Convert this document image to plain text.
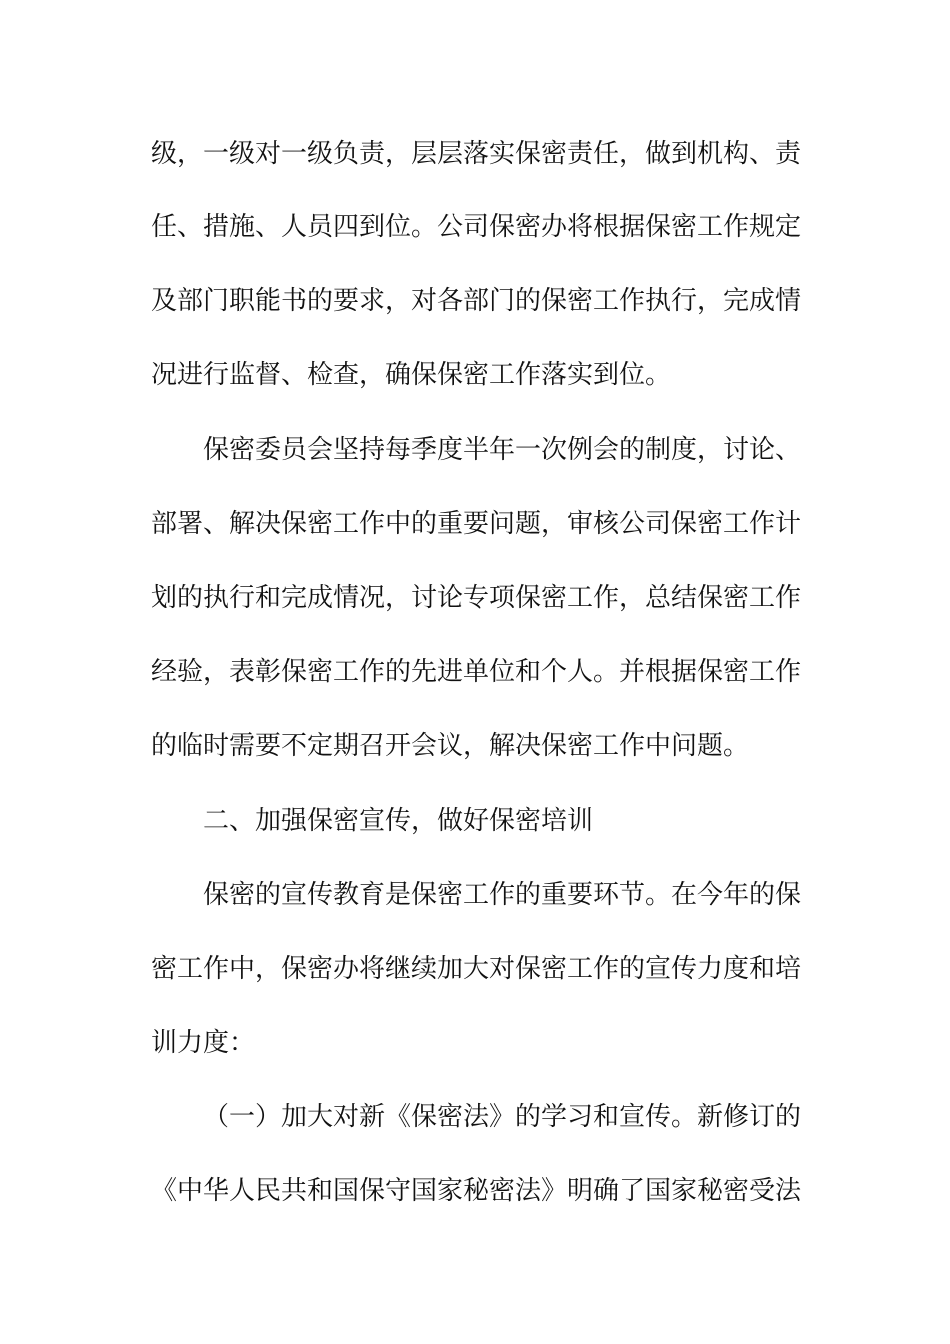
级，一级对一级负责，层层落实保密责任，做到机构、责
任、措施、人员四到位。公司保密办将根据保密工作规定
及部门职能书的要求，对各部门的保密工作执行，完成情
况进行监督、检查，确保保密工作落实到位。
保密委员会坚持每季度半年一次例会的制度，讨论、
部署、解决保密工作中的重要问题，审核公司保密工作计
划的执行和完成情况，讨论专项保密工作，总结保密工作
经验，表彰保密工作的先进单位和个人。并根据保密工作
的临时需要不定期召开会议，解决保密工作中问题。
二、加强保密宣传，做好保密培训
保密的宣传教育是保密工作的重要环节。在今年的保
密工作中，保密办将继续加大对保密工作的宣传力度和培
训力度：
（一）加大对新《保密法》的学习和宣传。新修订的
《中华人民共和国保守国家秘密法》明确了国家秘密受法
